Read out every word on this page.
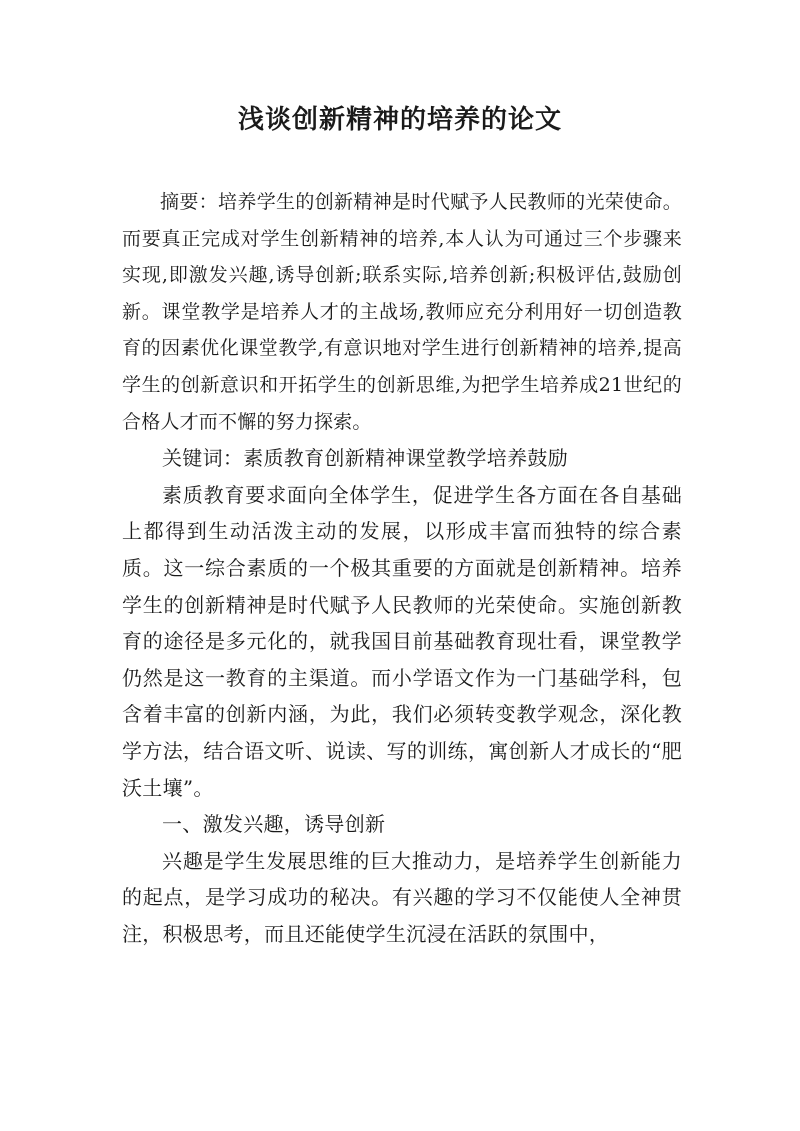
浅谈创新精神的培养的论文

摘要：培养学生的创新精神是时代赋予人民教师的光荣使命。而要真正完成对学生创新精神的培养,本人认为可通过三个步骤来实现,即激发兴趣,诱导创新;联系实际,培养创新;积极评估,鼓励创新。课堂教学是培养人才的主战场,教师应充分利用好一切创造教育的因素优化课堂教学,有意识地对学生进行创新精神的培养,提高学生的创新意识和开拓学生的创新思维,为把学生培养成21世纪的合格人才而不懈的努力探索。

关键词：素质教育创新精神课堂教学培养鼓励

素质教育要求面向全体学生，促进学生各方面在各自基础上都得到生动活泼主动的发展，以形成丰富而独特的综合素质。这一综合素质的一个极其重要的方面就是创新精神。培养学生的创新精神是时代赋予人民教师的光荣使命。实施创新教育的途径是多元化的，就我国目前基础教育现壮看，课堂教学仍然是这一教育的主渠道。而小学语文作为一门基础学科，包含着丰富的创新内涵，为此，我们必须转变教学观念，深化教学方法，结合语文听、说读、写的训练，寓创新人才成长的“肥沃土壤”。

一、激发兴趣，诱导创新

兴趣是学生发展思维的巨大推动力，是培养学生创新能力的起点，是学习成功的秘决。有兴趣的学习不仅能使人全神贯注，积极思考，而且还能使学生沉浸在活跃的氛围中，
